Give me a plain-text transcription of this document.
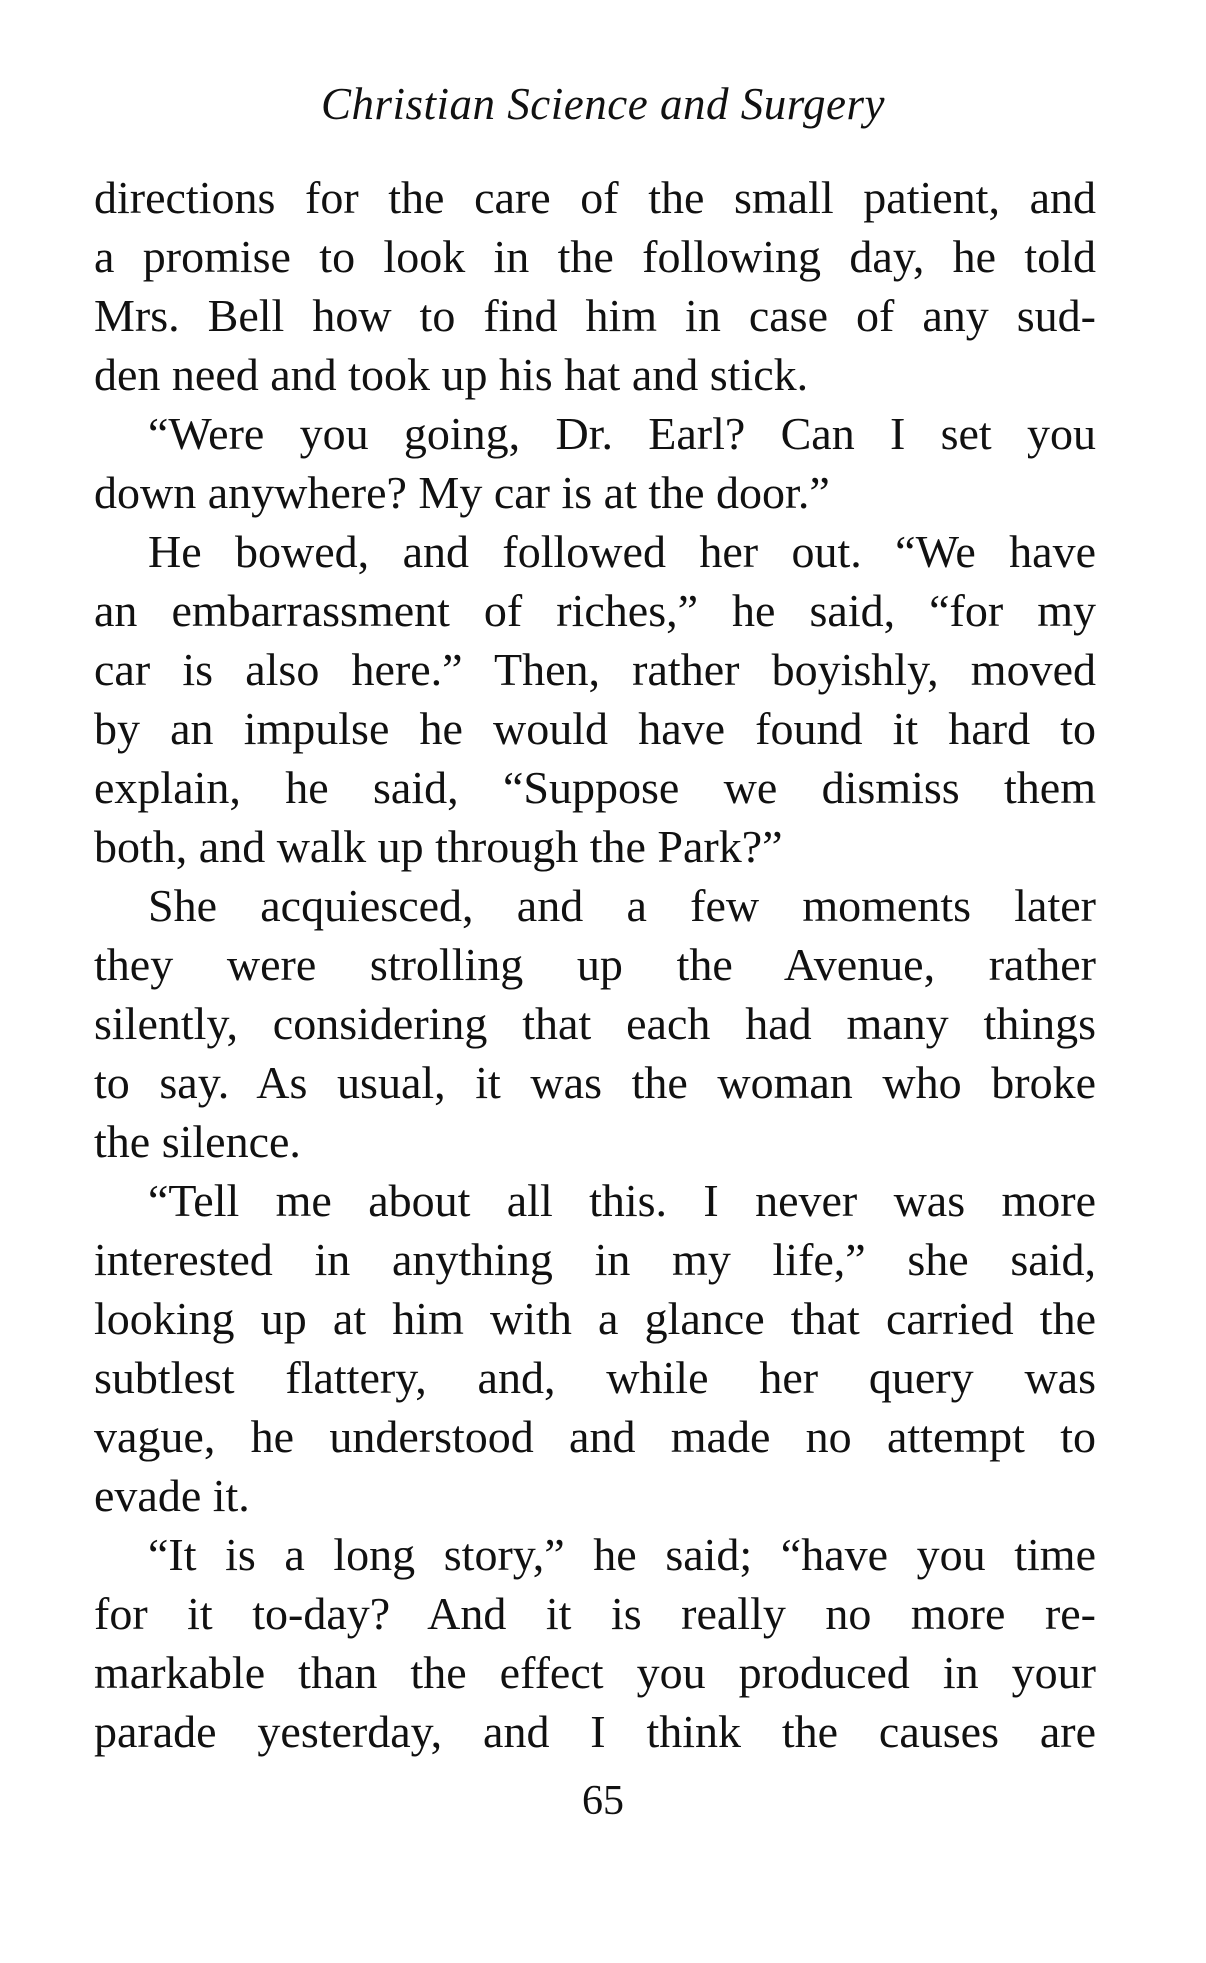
Christian Science and Surgery
directions for the care of the small patient, and
a promise to look in the following day, he told
Mrs. Bell how to find him in case of any sud-
den need and took up his hat and stick.
“Were you going, Dr. Earl? Can I set you
down anywhere? My car is at the door.”
He bowed, and followed her out. “We have
an embarrassment of riches,” he said, “for my
car is also here.” Then, rather boyishly, moved
by an impulse he would have found it hard to
explain, he said, “Suppose we dismiss them
both, and walk up through the Park?”
She acquiesced, and a few moments later
they were strolling up the Avenue, rather
silently, considering that each had many things
to say. As usual, it was the woman who broke
the silence.
“Tell me about all this. I never was more
interested in anything in my life,” she said,
looking up at him with a glance that carried the
subtlest flattery, and, while her query was
vague, he understood and made no attempt to
evade it.
“It is a long story,” he said; “have you time
for it to-day? And it is really no more re-
markable than the effect you produced in your
parade yesterday, and I think the causes are
65
